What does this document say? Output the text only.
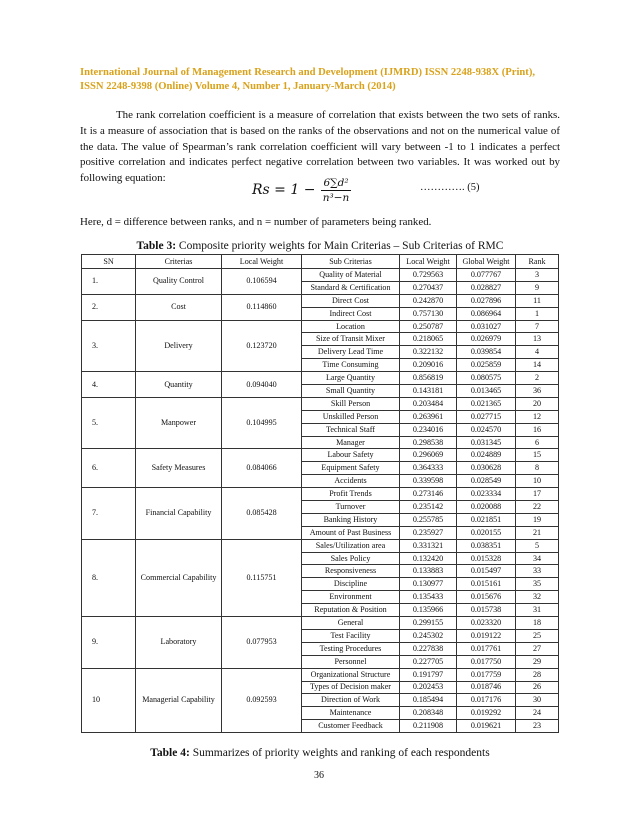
International Journal of Management Research and Development (IJMRD) ISSN 2248-938X (Print),
ISSN 2248-9398 (Online) Volume 4, Number 1, January-March (2014)

The rank correlation coefficient is a measure of correlation that exists between the two sets of ranks. It is a measure of association that is based on the ranks of the observations and not on the numerical value of the data. The value of Spearman’s rank correlation coefficient will vary between -1 to 1 indicates a perfect positive correlation and indicates perfect negative correlation between two variables. It was worked out by following equation:

$Rs = 1 - \frac{\text{6∑d²}}{\text{n³−n}}$	…………. (5)

Here, d = difference between ranks, and n = number of parameters being ranked.

Table 3: Composite priority weights for Main Criterias – Sub Criterias of RMC

SN	Criterias	Local Weight	Sub Criterias	Local Weight	Global Weight	Rank
1.	Quality Control	0.106594	Quality of Material	0.729563	0.077767	3
			Standard & Certification	0.270437	0.028827	9
2.	Cost	0.114860	Direct Cost	0.242870	0.027896	11
			Indirect Cost	0.757130	0.086964	1
3.	Delivery	0.123720	Location	0.250787	0.031027	7
			Size of Transit Mixer	0.218065	0.026979	13
			Delivery Lead Time	0.322132	0.039854	4
			Time Consuming	0.209016	0.025859	14
4.	Quantity	0.094040	Large Quantity	0.856819	0.080575	2
			Small Quantity	0.143181	0.013465	36
5.	Manpower	0.104995	Skill Person	0.203484	0.021365	20
			Unskilled Person	0.263961	0.027715	12
			Technical Staff	0.234016	0.024570	16
			Manager	0.298538	0.031345	6
6.	Safety Measures	0.084066	Labour Safety	0.296069	0.024889	15
			Equipment Safety	0.364333	0.030628	8
			Accidents	0.339598	0.028549	10
7.	Financial Capability	0.085428	Profit Trends	0.273146	0.023334	17
			Turnover	0.235142	0.020088	22
			Banking History	0.255785	0.021851	19
			Amount of Past Business	0.235927	0.020155	21
8.	Commercial Capability	0.115751	Sales/Utilization area	0.331321	0.038351	5
			Sales Policy	0.132420	0.015328	34
			Responsiveness	0.133883	0.015497	33
			Discipline	0.130977	0.015161	35
			Environment	0.135433	0.015676	32
			Reputation & Position	0.135966	0.015738	31
9.	Laboratory	0.077953	General	0.299155	0.023320	18
			Test Facility	0.245302	0.019122	25
			Testing Procedures	0.227838	0.017761	27
			Personnel	0.227705	0.017750	29
10	Managerial Capability	0.092593	Organizational Structure	0.191797	0.017759	28
			Types of Decision maker	0.202453	0.018746	26
			Direction of Work	0.185494	0.017176	30
			Maintenance	0.208348	0.019292	24
			Customer Feedback	0.211908	0.019621	23

Table 4: Summarizes of priority weights and ranking of each respondents

36
